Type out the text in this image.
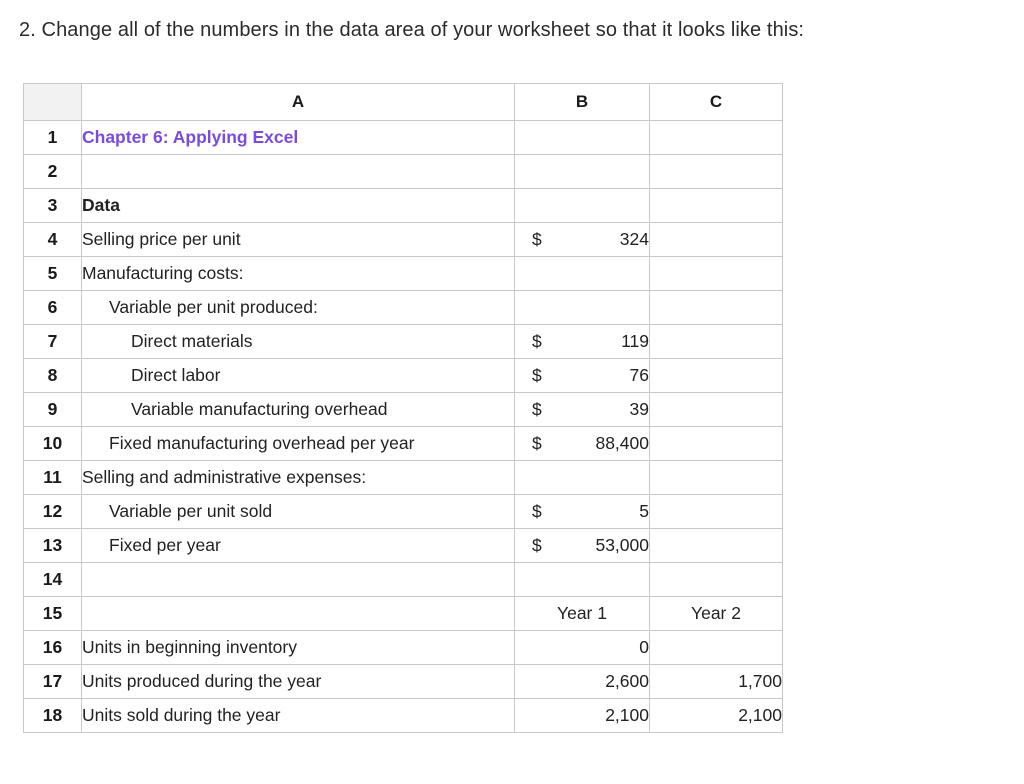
2. Change all of the numbers in the data area of your worksheet so that it looks like this:
	A	B	C
1	Chapter 6: Applying Excel		
2			
3	Data		
4	Selling price per unit	$ 324	
5	Manufacturing costs:		
6	Variable per unit produced:		
7	Direct materials	$ 119	
8	Direct labor	$ 76	
9	Variable manufacturing overhead	$ 39	
10	Fixed manufacturing overhead per year	$ 88,400	
11	Selling and administrative expenses:		
12	Variable per unit sold	$ 5	
13	Fixed per year	$ 53,000	
14			
15		Year 1	Year 2
16	Units in beginning inventory	0	
17	Units produced during the year	2,600	1,700
18	Units sold during the year	2,100	2,100
